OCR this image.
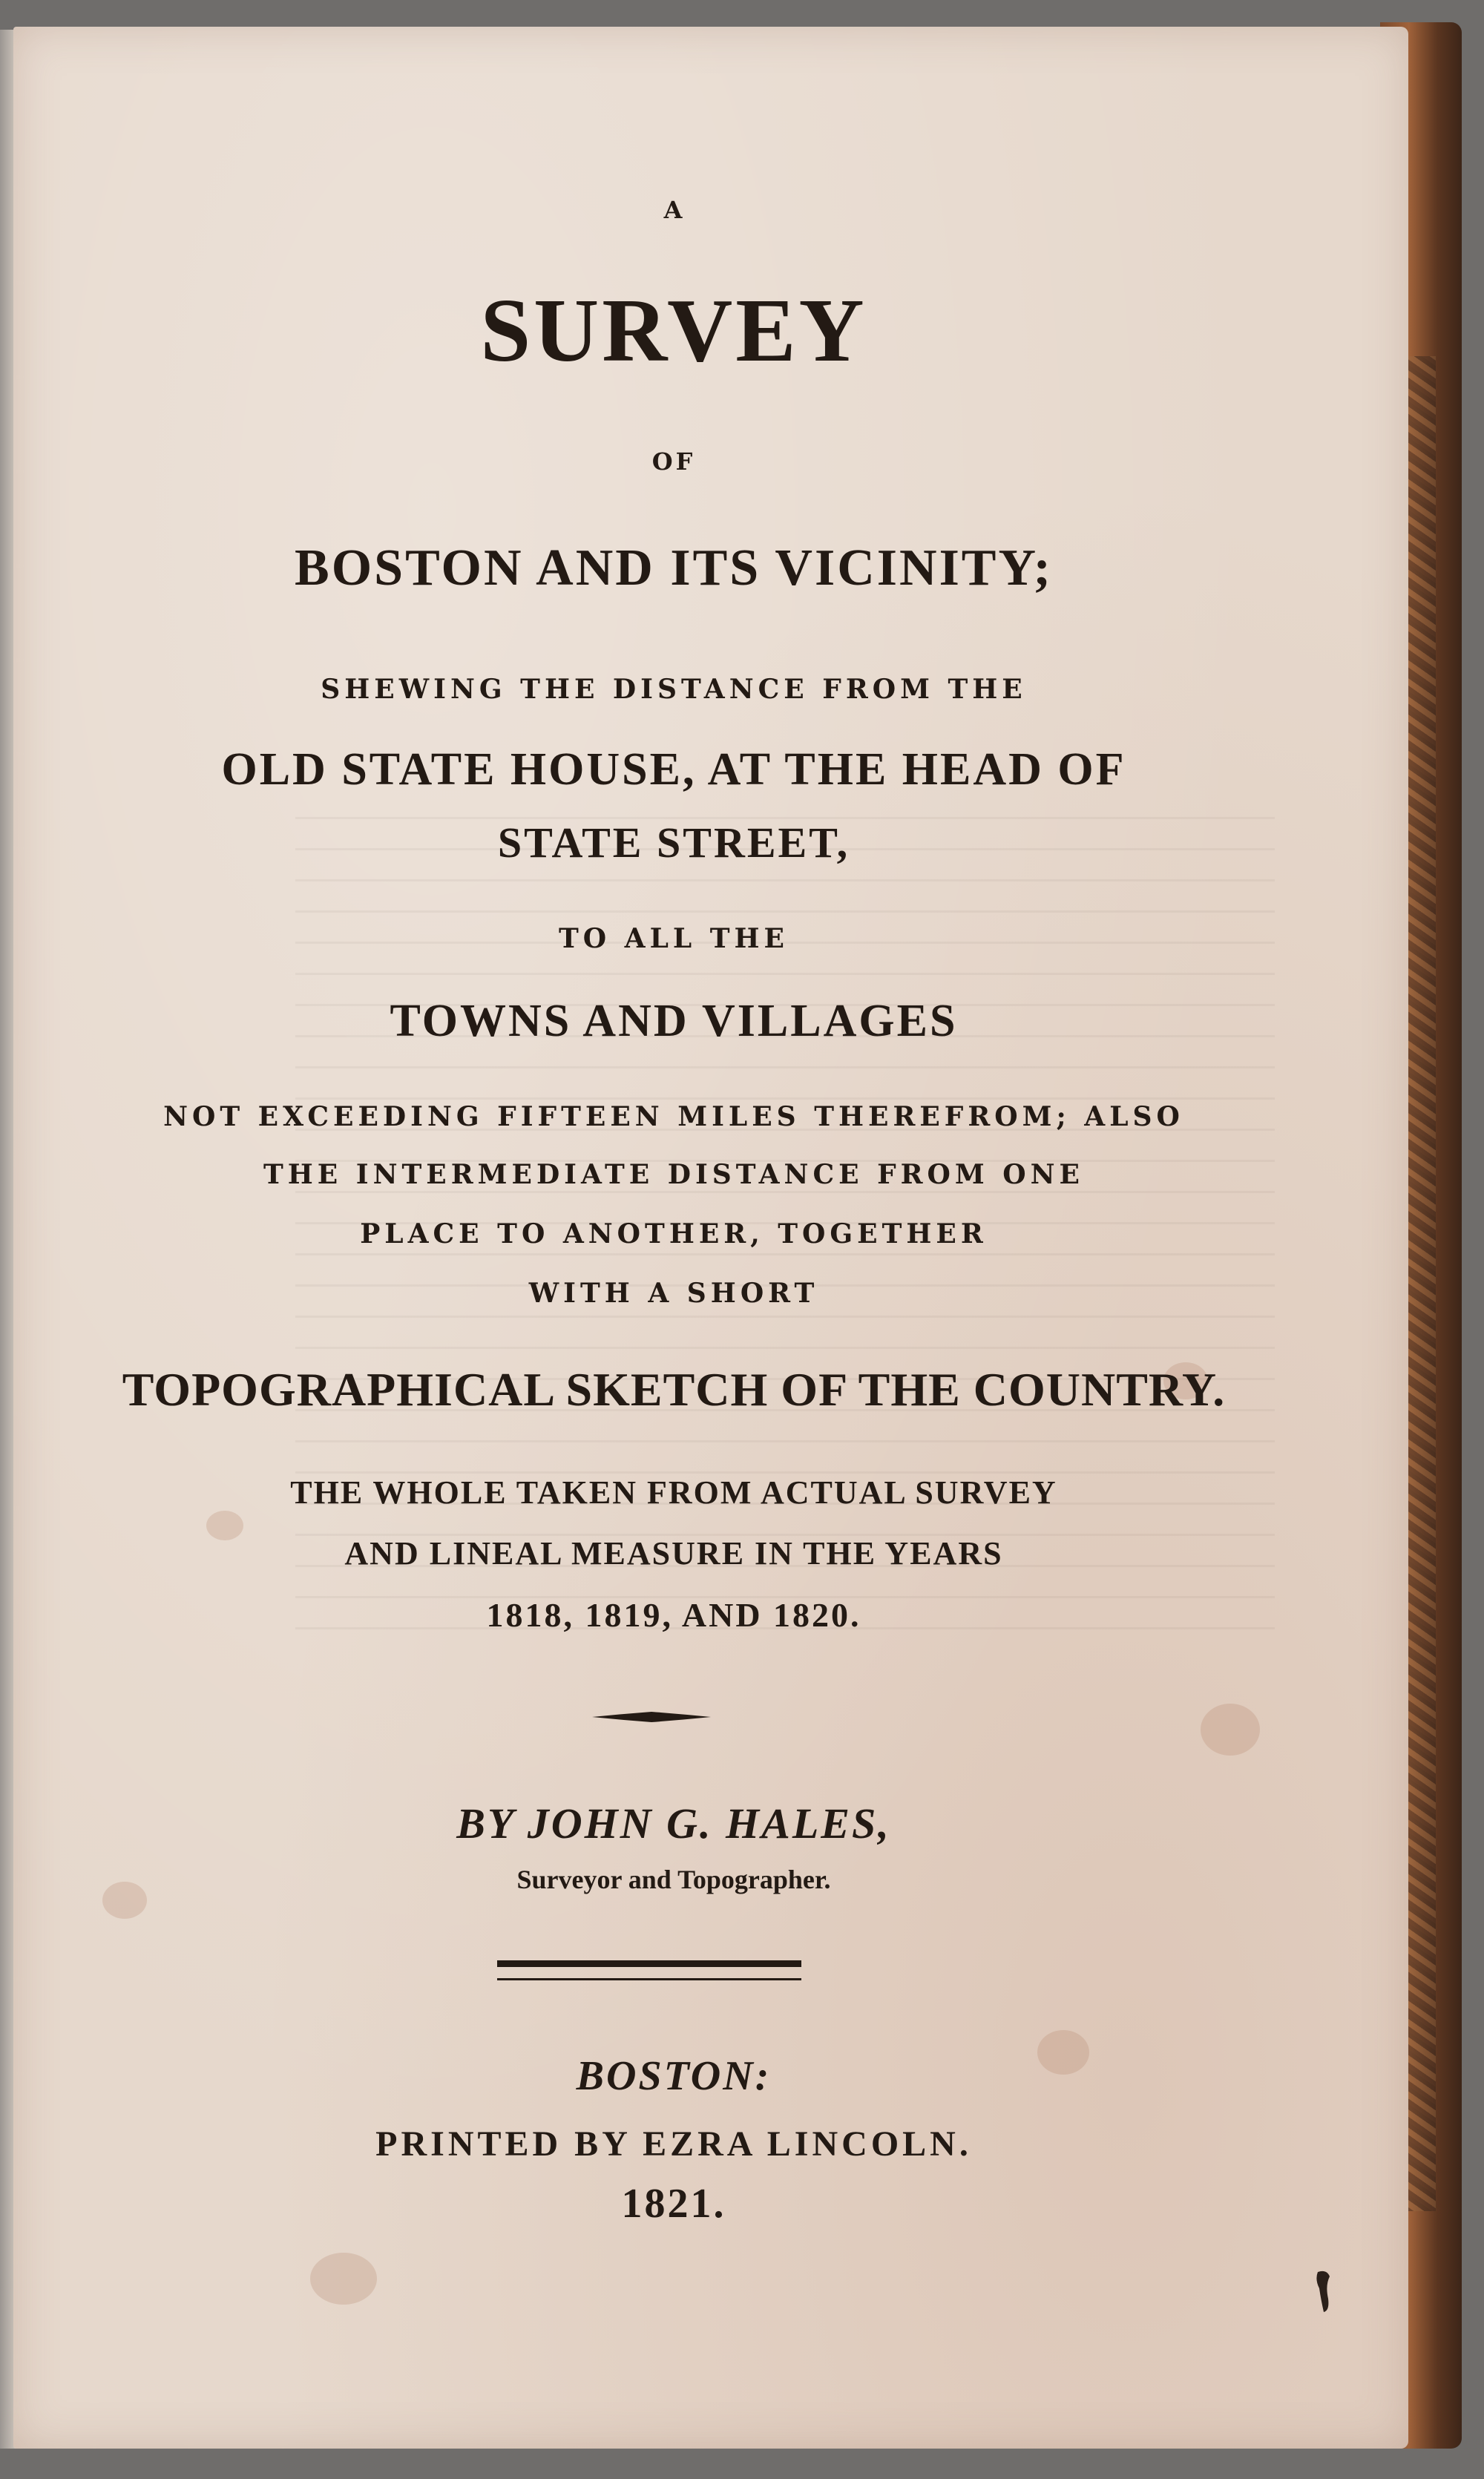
A
SURVEY
OF
BOSTON AND ITS VICINITY;
SHEWING THE DISTANCE FROM THE
OLD STATE HOUSE, AT THE HEAD OF
STATE STREET,
TO ALL THE
TOWNS AND VILLAGES
NOT EXCEEDING FIFTEEN MILES THEREFROM; ALSO
THE INTERMEDIATE DISTANCE FROM ONE
PLACE TO ANOTHER, TOGETHER
WITH A SHORT
TOPOGRAPHICAL SKETCH OF THE COUNTRY.
THE WHOLE TAKEN FROM ACTUAL SURVEY
AND LINEAL MEASURE IN THE YEARS
1818, 1819, AND 1820.
BY JOHN G. HALES,
Surveyor and Topographer.
BOSTON:
PRINTED BY EZRA LINCOLN.
1821.
